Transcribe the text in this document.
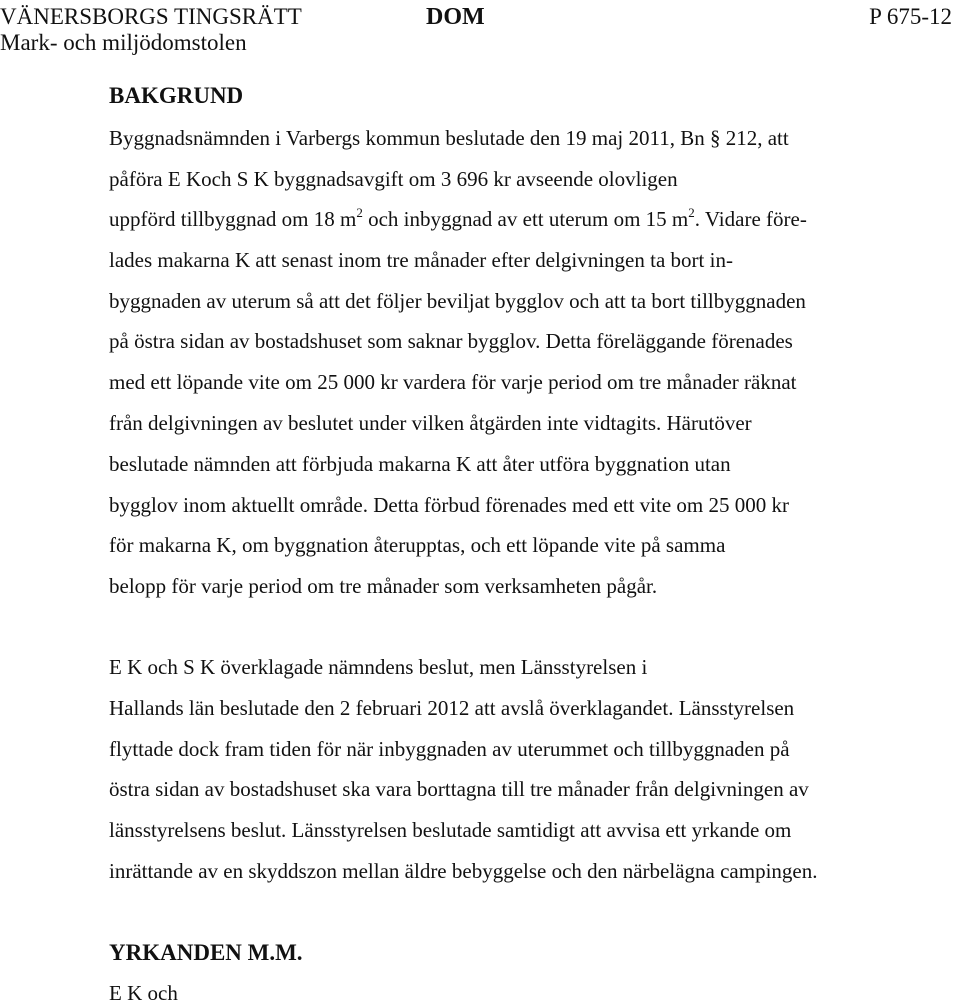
VÄNERSBORGS TINGSRÄTT
Mark- och miljödomstolen
DOM	P 675-12
BAKGRUND
Byggnadsnämnden i Varbergs kommun beslutade den 19 maj 2011, Bn § 212, att
påföra E Koch S K byggnadsavgift om 3 696 kr avseende olovligen
uppförd tillbyggnad om 18 $m^2$ och inbyggnad av ett uterum om 15 $m^2$. Vidare före-
lades makarna K att senast inom tre månader efter delgivningen ta bort in-
byggnaden av uterum så att det följer beviljat bygglov och att ta bort tillbyggnaden
på östra sidan av bostadshuset som saknar bygglov. Detta föreläggande förenades
med ett löpande vite om 25 000 kr vardera för varje period om tre månader räknat
från delgivningen av beslutet under vilken åtgärden inte vidtagits. Härutöver
beslutade nämnden att förbjuda makarna K att åter utföra byggnation utan
bygglov inom aktuellt område. Detta förbud förenades med ett vite om 25 000 kr
för makarna K, om byggnation återupptas, och ett löpande vite på samma
belopp för varje period om tre månader som verksamheten pågår.
E K och S K överklagade nämndens beslut, men Länsstyrelsen i
Hallands län beslutade den 2 februari 2012 att avslå överklagandet. Länsstyrelsen
flyttade dock fram tiden för när inbyggnaden av uterummet och tillbyggnaden på
östra sidan av bostadshuset ska vara borttagna till tre månader från delgivningen av
länsstyrelsens beslut. Länsstyrelsen beslutade samtidigt att avvisa ett yrkande om
inrättande av en skyddszon mellan äldre bebyggelse och den närbelägna campingen.
YRKANDEN M.M.
E K och
